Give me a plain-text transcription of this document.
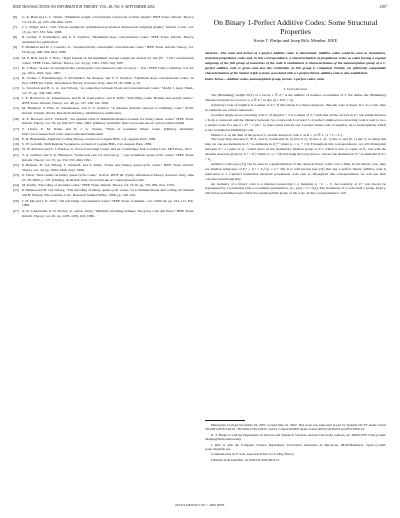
IEEE TRANSACTIONS ON INFORMATION THEORY, VOL. 48, NO. 9, SEPTEMBER 2002	2587
[6]	G. K. Heth and C. L. Weber, "Minimum weight convolutional codewords of finite length," IEEE Trans. Inform. Theory, vol. IT-22, pp. 243–246, Mar. 1976.
[7]	J. L. Träger and L. Gill, "On an asymptotic optimization problem in distance-bit weighted graphs," Inform. Contr., vol. 13, pp. 527–533, Mar. 1968.
[8]	R. Jordan, V. Pavlushkov, and V. V. Zyablov, "Maximum slope convolutional codes," IEEE Trans. Inform. Theory, submitted for publication.
[9]	F. Hemmati and D. J. Costello, Jr., "Asymptotically catastrophic convolutional codes," IEEE Trans. Inform. Theory, vol. IT-26, pp. 298–304, May 1980.
[10] M. F. Hole and K. J. Hole, "Tight bounds on the minimum average weight per branch for rate (N − 1)/N convolutional codes," IEEE Trans. Inform. Theory, vol. 43, pp. 1301–1305, July 1997.
[11] K. J. Hole, "A note on asymptotically catastrophic convolutional codes of rate (n − 1)/n," IEEE Trans. Commun., vol. 45, pp. 1014–1016, Sept. 1997.
[12] R. Jordan, J. Freudenberger, V. Pavlushkov, M. Bossert, and V. V. Zyablov, "Optimum slope convolutional codes," in Proc. IEEE Int. Symp. Information Theory, Sorrento, Italy, June 25–30, 2000, p. 55.
[13] G. Solomon and H. C. A. van Tilborg, "A connection between block and convolutional codes," SIAM J. Appl. Math., vol. 37, pp. 358–369, 1979.
[14] J. E. Bocharova, R. Johannesson, and B. D. Kudryashov, and P. Ståhl, "Tail-biting codes: Bounds and search results," IEEE Trans. Inform. Theory, vol. 48, pp. 137–148, Jan. 2002.
[15] M. Handlery, S. Höst, R. Johannesson, and V. V. Zyablov, "A distance measure tailored to tailbiting codes," Probl. Inform. Transm. (Probl. Peredachi Inform.), submitted for publication.
[16] A. E. Brouwer and T. Verhoeff, "An updated table of minimum-distance bounds for binary linear codes," IEEE Trans. Inform. Theory, vol. 39, pp. 662–677, Mar. 1993. [Online]. Available: http://www.win.tue.nl/~aeb/voorlincod.html
[17] S. Litsyn, E. M. Rains, and N. J. A. Sloane, "Table of nonlinear binary codes. [Online]. Available: http://www.research.att.com/~njas/codes/And/index.html
[18] E. R. Berlekamp, Algebraic Coding Theory, revised ed. Laguna Hills, CA: Aegean Park, 1984.
[19] S. W. Golomb, Shift Register Sequences, revised ed. Laguna Hills, CA: Aegean Park, 1982.
[20] W. W. Peterson and E. J. Weldon, Jr., Error-Correcting Codes, 2nd ed. Cambridge, MA: London U.K.: MIT Press, 1972.
[21] T. A. Gulliver and V. K. Bhargava, "Some best rate 1/p and rate (p − 1)/p systematic quasi-cyclic codes," IEEE Trans. Inform. Theory, vol. 37, pp. 552–555, May 1991.
[22] P. Heijnen, H. van Tilborg, T. Verhoeff, and S. Weijs, "Some new binary, quasi-cyclic codes," IEEE Trans. Inform. Theory, vol. 44, pp. 1994–1996, Sept. 1998.
[23] Z. Chen, "New results on binary quasi-cyclic codes," in Proc. IEEE Int. Symp. Information Theory, Sorrento, Italy, June 25–30, 2000, p. 197. [Online]. Available: http://www.tech.net.ac/~chen/qcneach/codes
[24] M. Karlin, "Decoding of circulant codes," IEEE Trans. Inform. Theory, vol. IT-16, pp. 797–802, Nov. 1970.
[25] P. Heijnen and H. van Tilborg, "The decoding of binary quasi-cyclic codes," in Communications and Coding, M. Darnell and B. Honary, Eds. London, U.K.: Research Studies/Wiley, 1998, pp. 146–159.
[26] J. H. Ma and J. K. Wolf, "On tail biting convolutional codes," IEEE Trans. Commun., vol. COM-34, pp. 104–111, Feb. 1986.
[27] A. R. Calderbank, G. D. Forney, Jr., and A. Vardy, "Minimal tail-biting trellises: The golay code and more," IEEE Trans. Inform. Theory, vol. 45, pp. 1435–1455, July 1999.
On Binary 1-Perfect Additive Codes: Some Structural Properties
Kevin T. Phelps and Josep Rifà, Member, IEEE
Abstract—The rank and kernel of 1-perfect additive codes is determined. Additive codes could be seen as translation-invariant propelinear codes and, in this correspondence, a characterization of propelinear codes as codes having a regular subgroup of the full group of isometries of the code is established. A characterization of the automorphism group of a 1-perfect additive code is given and also the cardinality of this group is computed. Finally, an efficiently computable characterization of the Steiner triple systems associated with a 1-perfect binary additive code is also established.
Index Terms—Additive codes, automorphism group, kernel, 1-perfect codes, rank.
I. Introduction

The (Hamming) weight W(v) of a vector v ∈ Z₂ⁿ is the number of nonzero coordinates of v. We define the (Hamming) distance between two vectors v, u ∈ Z₂ⁿ as d(v, u) = W(v + u).

A (binary) code of length n is a subset of Z₂ⁿ. If this subset is a linear subspace, then the code is linear. If C is a code, then its elements are called codewords.

A perfect single-error-correcting code C of length n ≥ 3 is a subset of Z₂ⁿ such that all the vectors in Z₂ⁿ are within distance 1 from a codeword and the distance between two codewords is at least 3. A perfect single-error-correcting code is said to be a 1-perfect code. For any n = 2ᵐ − 1 (m > 1), there exists exactly one 1-perfect linear code of length n, up to isomorphism, which is the well-known Hamming code.

Define C⊥ as the dual of the span of C and the kernel of code C as K = {x ∈ C | x + C = C}.

The Gray map between Z₂ ≅ Z₂ and Z₄ transforms (0, 0) into 0, (1, 0) into 1, (1, 1) into 2, and (0, 1) into 3, so using this map we can see elements in Z₂ⁿ as elements in Z₄ⁿ/² where n₁ = n₂ + 2·β. Throughout this correspondence, we will distinguish between Z₂ⁿ, a copies of Z₂, which gives us the elementary Abelian group of Z₂ⁿ, which is also α copies of Z₂, but with the Abelian structure given by Z₂ⁿ × Z₄ᵝ where n = α + 2β and using the Gray map to convert the elements in Z₂ⁿ as elements in Z₂ⁿ × Z₄.

Additive codes (see [5]) can be seen as a generalization of the classical linear codes over a field. In the binary case, they are Abelian subgroups of F₂ᵅ = Z₂ᵅ × Z₄ᵝ (α = n + 2β). It is well known (see [3]) that any 1-perfect binary additive code is equivalent to a 1-perfect translation invariant propelinear code and, so throughout this correspondence we will use both concepts interchangeably.

An isometry of a binary code is a distance preserving 1–1 mapping φ : C → C. An isometry of Z₂ⁿ can always be represented by a translation plus a coordinate permutation, i.e., φ(x) = π + σ(x). The isometries of a code form a group. Iso(C), which has sometimes been called the automorphism group of the code. In this correspondence, will

Manuscript received November 26, 2001; revised May 10, 2002. This work was supported in part by Spanish CICYT under Grants TIC2001-0559-C02-01, TIC2002-0739-C04-01 and by Catalan DURSI under Grants 2001SGR 00219 and PNV2000-10.

K. T. Phelps is with the Department of Discrete and Statistical Sciences, Auburn University, Auburn, AL 36849-5307 USA (e-mail: phelpkt@mail.auburn.edu).

J. Rifà is with the Computer Science Department, Universitat Autònoma de Barcelona, 08193-Bellaterra, Spain (e-mail: josep.rifa@uab.es).

Communicated by P. Solé, Associate Editor for Coding Theory.

Publisher Item Identifier 10.1109/TIT.2002.801474.

0018-9448/02$17.00 © 2002 IEEE
